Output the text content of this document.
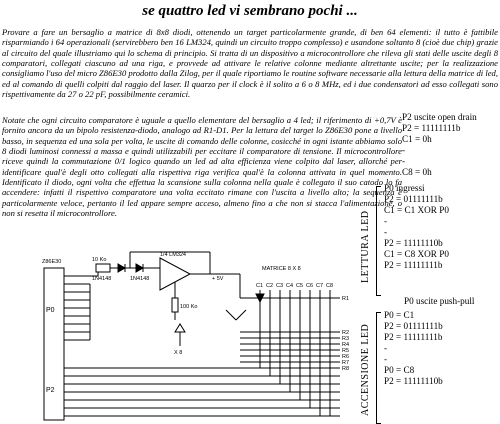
se quattro led vi sembrano pochi ...
Provare a fare un bersaglio a matrice di 8x8 diodi, ottenendo un target particolarmente grande, di ben 64 elementi: il tutto è fattibile risparmiando i 64 operazionali (servirebbero ben 16 LM324, quindi un circuito troppo complesso) e usandone soltanto 8 (cioè due chip) grazie al circuito del quale illustriamo qui lo schema di principio. Si tratta di un dispositivo a microcontrollore che rileva gli stati delle uscite degli 8 comparatori, collegati ciascuno ad una riga, e provvede ad attivare le relative colonne mediante altrettante uscite; per la realizzazione consigliamo l'uso del micro Z86E30 prodotto dalla Zilog, per il quale riportiamo le routine software necessarie alla lettura della matrice di led, ed al comando di quelli colpiti dal raggio del laser. Il quarzo per il clock è il solito a 6 o 8 MHz, ed i due condensatori ad esso collegati sono rispettivamente da 27 o 22 pF, possibilmente ceramici.
Notate che ogni circuito comparatore è uguale a quello elementare del bersaglio a 4 led; il riferimento di +0,7V è fornito ancora da un bipolo resistenza-diodo, analogo ad R1-D1. Per la lettura del target lo Z86E30 pone a livello basso, in sequenza ed una sola per volta, le uscite di comando delle colonne, cosicché in ogni istante abbiamo solo 8 diodi luminosi connessi a massa e quindi utilizzabili per eccitare il comparatore di tensione. Il microcontrollore riceve quindi la commutazione 0/1 logico quando un led ad alta efficienza viene colpito dal laser, allorché per identificare qual'è degli otto collegati alla rispettiva riga verifica qual'è la colonna attivata in quel momento. Identificato il diodo, ogni volta che effettua la scansione sulla colonna nella quale è collegato il suo catodo lo fa accendere: infatti il rispettivo comparatore una volta eccitato rimane con l'uscita a livello alto; la sequenza è particolarmente veloce, pertanto il led appare sempre acceso, almeno fino a che non si stacca l'alimentazione, o non si resetta il microcontrollore.
P2 uscite open drain
P2 = 11111111b
C1 = 0h
-
-
C8 = 0h
P0 ingressi
P2 = 01111111b
C1 = C1 XOR P0
-
-
P2 = 11111110b
C1 = C8 XOR P0
P2 = 11111111b
P0 uscite push-pull
P0 = C1
P2 = 01111111b
P2 = 11111111b
-
-
P0 = C8
P2 = 11111110b
LETTURA LED
ACCENSIONE LED
Z86E30	10 Ko
1N4148	1N4148
1/4 LM324
+ 5V
100 Ko
X 8
MATRICE 8 X 8
P0
P2
R1
R2
R3
R4
R5
R6
R7
R8
C1 C2 C3 C4 C5 C6 C7 C8
